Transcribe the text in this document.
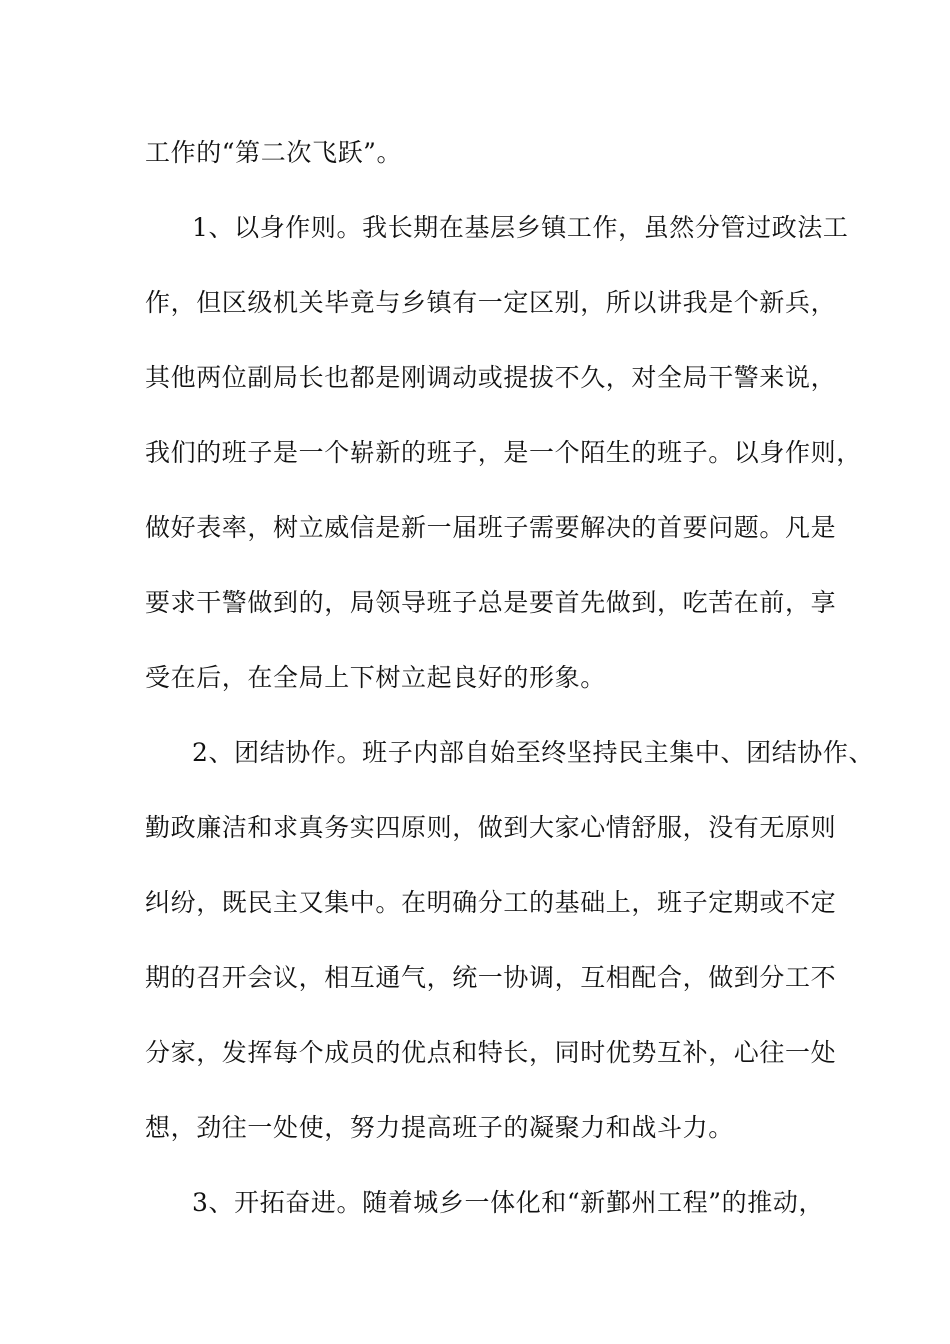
工作的“第二次飞跃”。
1、以身作则。我长期在基层乡镇工作，虽然分管过政法工
作，但区级机关毕竟与乡镇有一定区别，所以讲我是个新兵，
其他两位副局长也都是刚调动或提拔不久，对全局干警来说，
我们的班子是一个崭新的班子，是一个陌生的班子。以身作则，
做好表率，树立威信是新一届班子需要解决的首要问题。凡是
要求干警做到的，局领导班子总是要首先做到，吃苦在前，享
受在后，在全局上下树立起良好的形象。
2、团结协作。班子内部自始至终坚持民主集中、团结协作、
勤政廉洁和求真务实四原则，做到大家心情舒服，没有无原则
纠纷，既民主又集中。在明确分工的基础上，班子定期或不定
期的召开会议，相互通气，统一协调，互相配合，做到分工不
分家，发挥每个成员的优点和特长，同时优势互补，心往一处
想，劲往一处使，努力提高班子的凝聚力和战斗力。
3、开拓奋进。随着城乡一体化和“新鄞州工程”的推动，
